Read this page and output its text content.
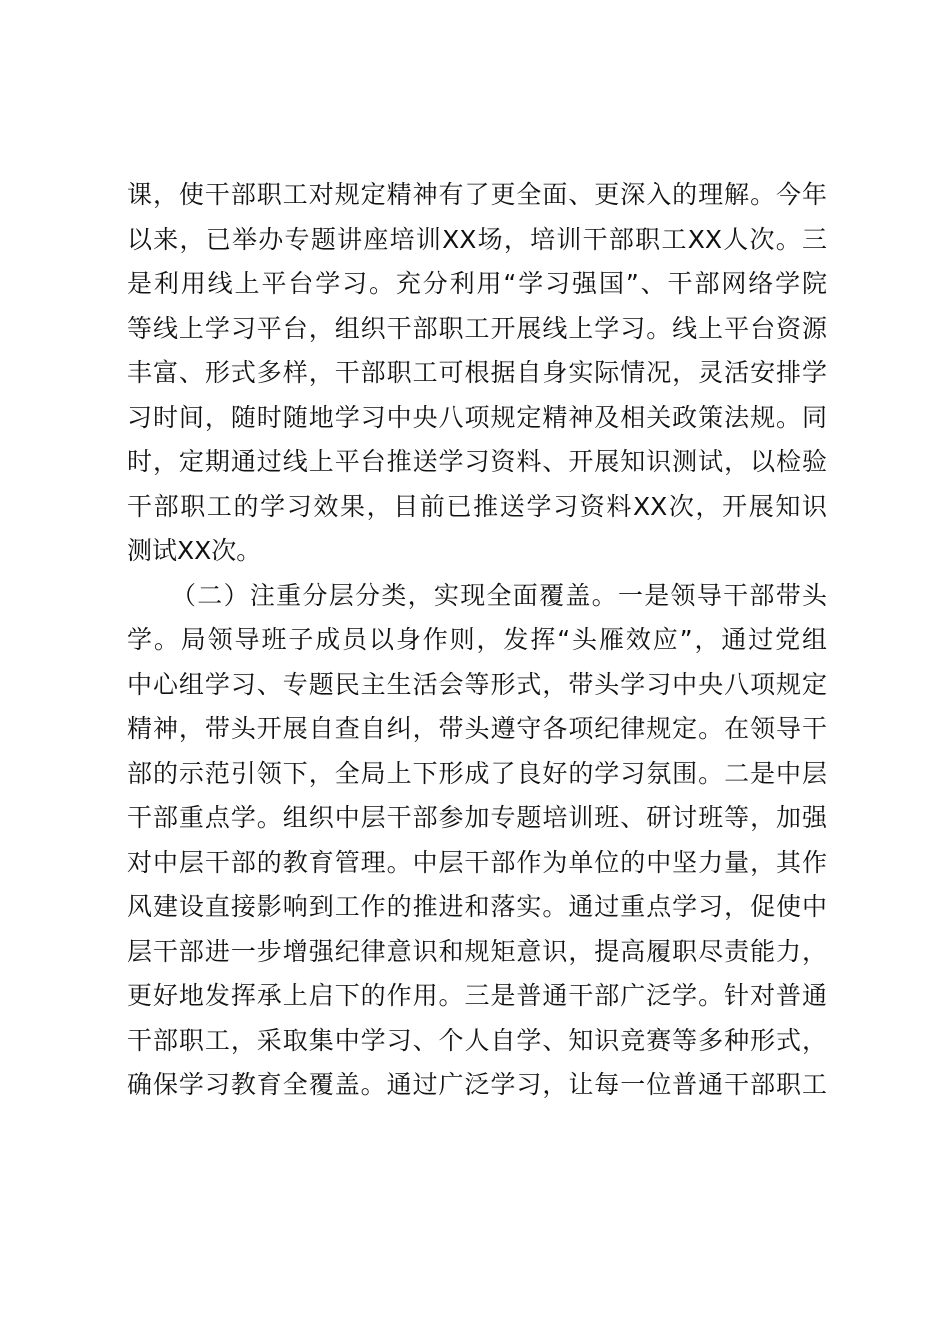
课，使干部职工对规定精神有了更全面、更深入的理解。今年
以来，已举办专题讲座培训XX场，培训干部职工XX人次。三
是利用线上平台学习。充分利用“学习强国”、干部网络学院
等线上学习平台，组织干部职工开展线上学习。线上平台资源
丰富、形式多样，干部职工可根据自身实际情况，灵活安排学
习时间，随时随地学习中央八项规定精神及相关政策法规。同
时，定期通过线上平台推送学习资料、开展知识测试，以检验
干部职工的学习效果，目前已推送学习资料XX次，开展知识
测试XX次。
（二）注重分层分类，实现全面覆盖。一是领导干部带头
学。局领导班子成员以身作则，发挥“头雁效应”，通过党组
中心组学习、专题民主生活会等形式，带头学习中央八项规定
精神，带头开展自查自纠，带头遵守各项纪律规定。在领导干
部的示范引领下，全局上下形成了良好的学习氛围。二是中层
干部重点学。组织中层干部参加专题培训班、研讨班等，加强
对中层干部的教育管理。中层干部作为单位的中坚力量，其作
风建设直接影响到工作的推进和落实。通过重点学习，促使中
层干部进一步增强纪律意识和规矩意识，提高履职尽责能力，
更好地发挥承上启下的作用。三是普通干部广泛学。针对普通
干部职工，采取集中学习、个人自学、知识竞赛等多种形式，
确保学习教育全覆盖。通过广泛学习，让每一位普通干部职工
